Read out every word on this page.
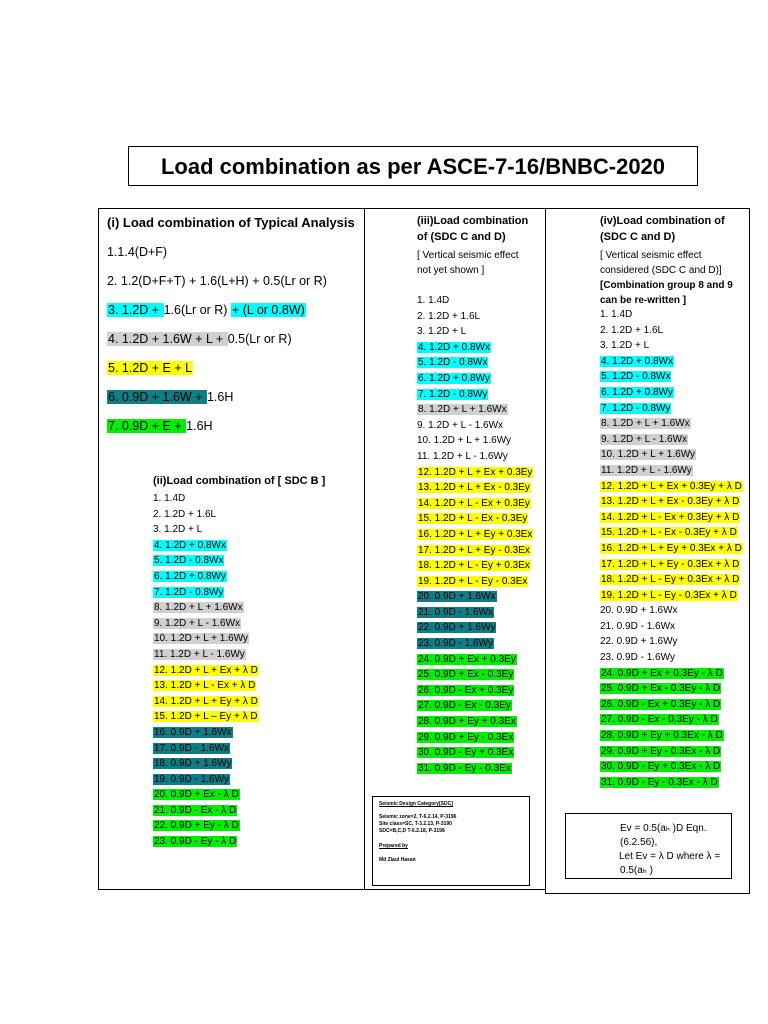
Load combination as per ASCE-7-16/BNBC-2020
(i) Load combination of Typical Analysis
1.1.4(D+F)
2. 1.2(D+F+T) + 1.6(L+H) + 0.5(Lr or R)
3. 1.2D + 1.6(Lr or R) + (L or 0.8W)
4. 1.2D + 1.6W + L + 0.5(Lr or R)
5. 1.2D + E + L
6. 0.9D + 1.6W + 1.6H
7. 0.9D + E + 1.6H
(ii)Load combination of [ SDC B ]
1. 1.4D
2. 1.2D + 1.6L
3. 1.2D + L
4. 1.2D + 0.8Wx
5. 1.2D - 0.8Wx
6. 1.2D + 0.8Wy
7. 1.2D - 0.8Wy
8. 1.2D + L + 1.6Wx
9. 1.2D + L - 1.6Wx
10. 1.2D + L + 1.6Wy
11. 1.2D + L - 1.6Wy
12. 1.2D + L + Ex + λ D
13. 1.2D + L - Ex + λ D
14. 1.2D + L + Ey + λ D
15. 1.2D + L – Ey + λ D
16. 0.9D + 1.6Wx
17. 0.9D - 1.6Wx
18. 0.9D + 1.6Wy
19. 0.9D - 1.6Wy
20. 0.9D + Ex - λ D
21. 0.9D - Ex - λ D
22. 0.9D + Ey - λ D
23. 0.9D - Ey - λ D
(iii)Load combination
of (SDC C and D)
[ Vertical seismic effect
not yet shown ]
1. 1.4D
2. 1.2D + 1.6L
3. 1.2D + L
4. 1.2D + 0.8Wx
5. 1.2D - 0.8Wx
6. 1.2D + 0.8Wy
7. 1.2D - 0.8Wy
8. 1.2D + L + 1.6Wx
9. 1.2D + L - 1.6Wx
10. 1.2D + L + 1.6Wy
11. 1.2D + L - 1.6Wy
12. 1.2D + L + Ex + 0.3Ey
13. 1.2D + L + Ex - 0.3Ey
14. 1.2D + L - Ex + 0.3Ey
15. 1.2D + L - Ex - 0.3Ey
16. 1.2D + L + Ey + 0.3Ex
17. 1.2D + L + Ey - 0.3Ex
18. 1.2D + L - Ey + 0.3Ex
19. 1.2D + L - Ey - 0.3Ex
20. 0.9D + 1.6Wx
21. 0.9D - 1.6Wx
22. 0.9D + 1.6Wy
23. 0.9D - 1.6Wy
24. 0.9D + Ex + 0.3Ey
25. 0.9D + Ex - 0.3Ey
26. 0.9D - Ex + 0.3Ey
27. 0.9D - Ex - 0.3Ey
28. 0.9D + Ey + 0.3Ex
29. 0.9D + Ey - 0.3Ex
30. 0.9D - Ey + 0.3Ex
31. 0.9D - Ey - 0.3Ex
Seismic Design Category[SDC]
Seismic zone=2, T-6.2.14, P-3196
Site class=SC, T-3.2.13, P-3190
SDC=B,C,D T-6.2.18, P-3198
Prepared by
Md Ziaul Hasan
(iv)Load combination of
(SDC C and D)
[ Vertical seismic effect
considered (SDC C and D)]
[Combination group 8 and 9
can be re-written ]
1. 1.4D
2. 1.2D + 1.6L
3. 1.2D + L
4. 1.2D + 0.8Wx
5. 1.2D - 0.8Wx
6. 1.2D + 0.8Wy
7. 1.2D - 0.8Wy
8. 1.2D + L + 1.6Wx
9. 1.2D + L - 1.6Wx
10. 1.2D + L + 1.6Wy
11. 1.2D + L - 1.6Wy
12. 1.2D + L + Ex + 0.3Ey + λ D
13. 1.2D + L + Ex - 0.3Ey + λ D
14. 1.2D + L - Ex + 0.3Ey + λ D
15. 1.2D + L - Ex - 0.3Ey + λ D
16. 1.2D + L + Ey + 0.3Ex + λ D
17. 1.2D + L + Ey - 0.3Ex + λ D
18. 1.2D + L - Ey + 0.3Ex + λ D
19. 1.2D + L - Ey - 0.3Ex + λ D
20. 0.9D + 1.6Wx
21. 0.9D - 1.6Wx
22. 0.9D + 1.6Wy
23. 0.9D - 1.6Wy
24. 0.9D + Ex + 0.3Ey - λ D
25. 0.9D + Ex - 0.3Ey - λ D
26. 0.9D - Ex + 0.3Ey - λ D
27. 0.9D - Ex - 0.3Ey - λ D
28. 0.9D + Ey + 0.3Ex - λ D
29. 0.9D + Ey - 0.3Ex - λ D
30. 0.9D - Ey + 0.3Ex - λ D
31. 0.9D - Ey - 0.3Ex - λ D
Eᴠ = 0.5(aₕ )D Eqn.
(6.2.56),
Let Ev = λ D where λ =
0.5(aₕ )
